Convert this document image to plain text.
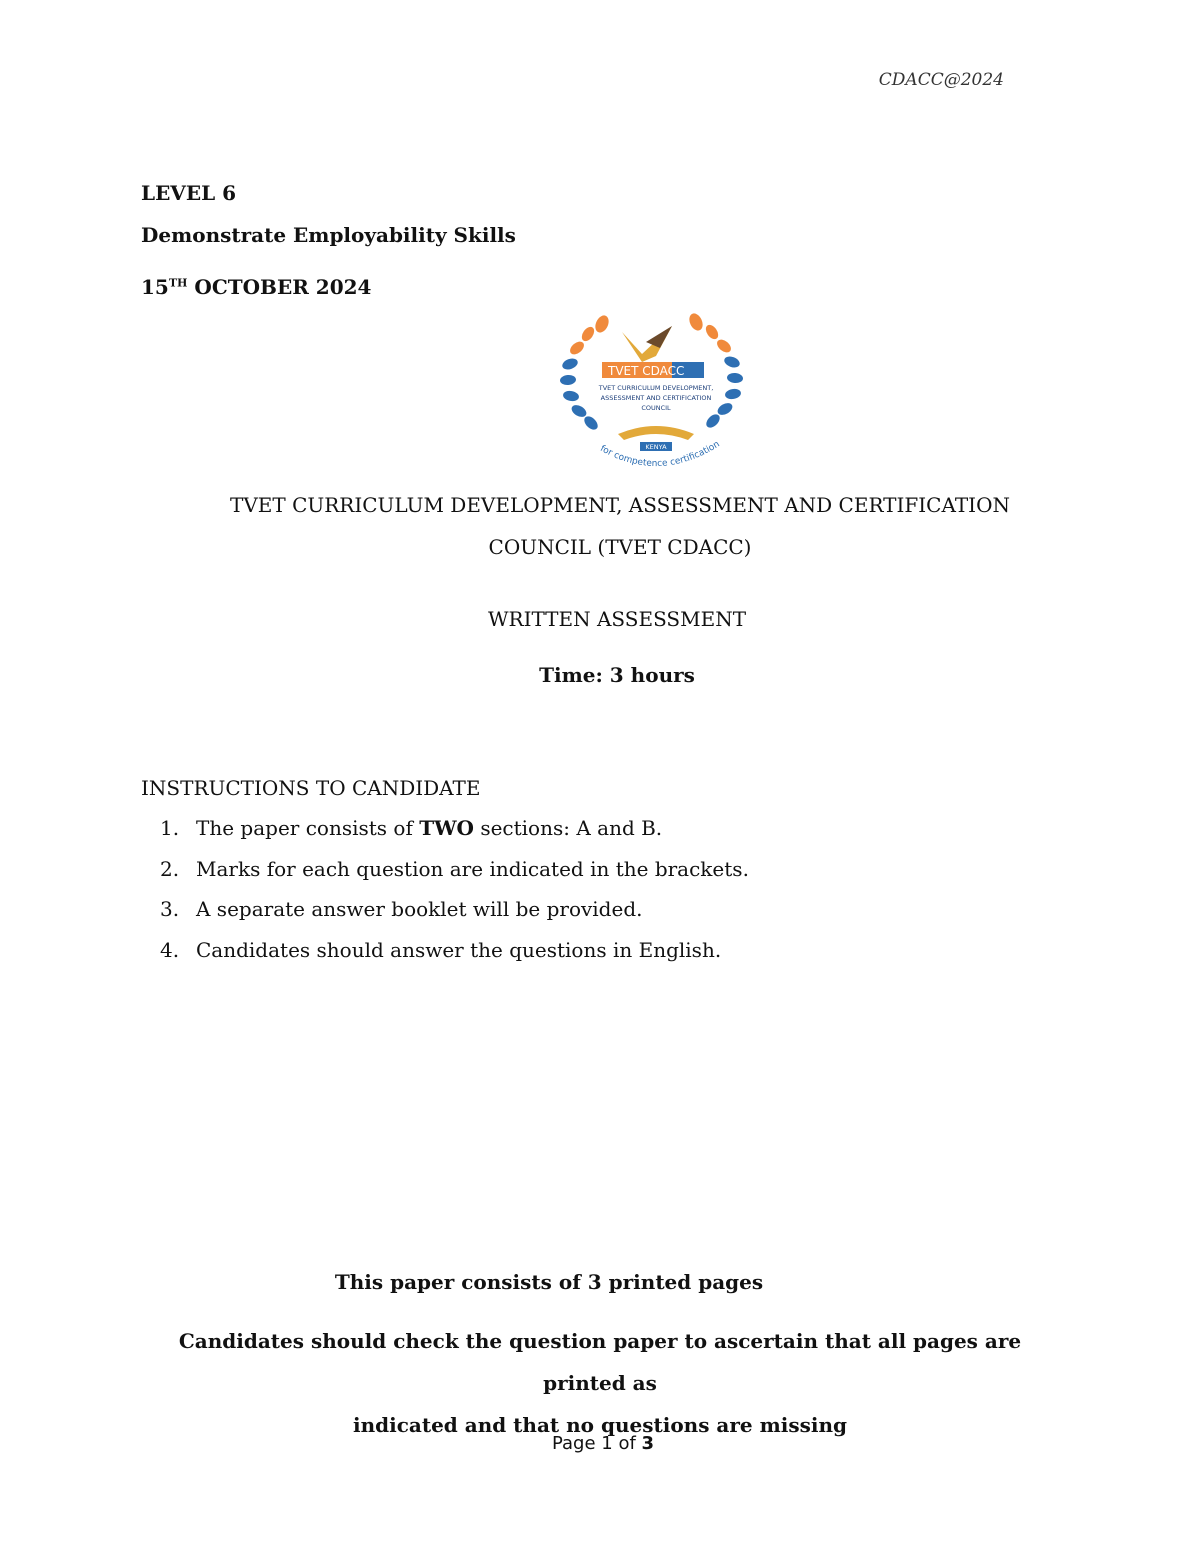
CDACC@2024
LEVEL 6
Demonstrate Employability Skills
15TH OCTOBER 2024
TVET CDACC
TVET CURRICULUM DEVELOPMENT,
ASSESSMENT AND CERTIFICATION
COUNCIL
KENYA
for competence certification
TVET CURRICULUM DEVELOPMENT, ASSESSMENT AND CERTIFICATION
COUNCIL (TVET CDACC)
WRITTEN ASSESSMENT
Time: 3 hours
INSTRUCTIONS TO CANDIDATE
1. The paper consists of TWO sections: A and B.
2. Marks for each question are indicated in the brackets.
3. A separate answer booklet will be provided.
4. Candidates should answer the questions in English.
This paper consists of 3 printed pages
Candidates should check the question paper to ascertain that all pages are printed as
indicated and that no questions are missing
Page 1 of 3
